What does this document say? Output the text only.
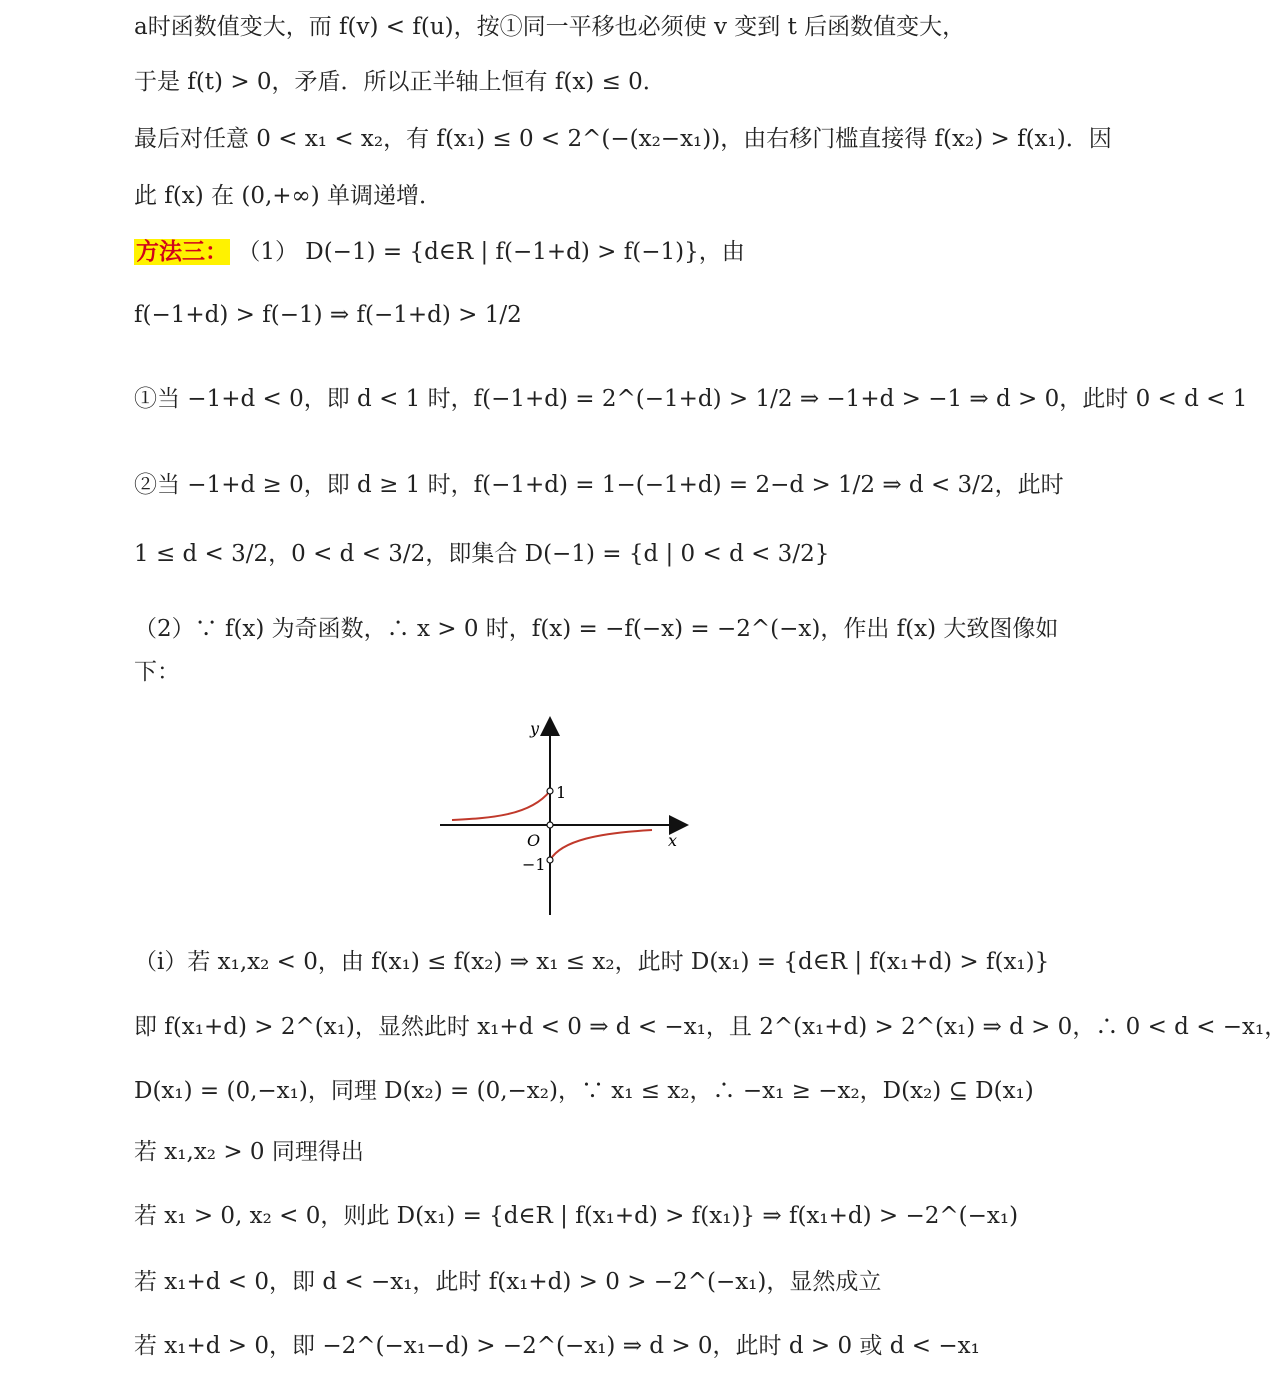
a时函数值变大，而 f(v) < f(u)，按①同一平移也必须使 v 变到 t 后函数值变大，
于是 f(t) > 0，矛盾．所以正半轴上恒有 f(x) ≤ 0．
最后对任意 0 < x₁ < x₂，有 f(x₁) ≤ 0 < 2^(−(x₂−x₁))，由右移门槛直接得 f(x₂) > f(x₁)．因
此 f(x) 在 (0,+∞) 单调递增．
方法三： （1） D(−1) = {d∈R | f(−1+d) > f(−1)}，由
f(−1+d) > f(−1) ⇒ f(−1+d) > 1/2
①当 −1+d < 0，即 d < 1 时，f(−1+d) = 2^(−1+d) > 1/2 ⇒ −1+d > −1 ⇒ d > 0，此时 0 < d < 1
②当 −1+d ≥ 0，即 d ≥ 1 时，f(−1+d) = 1−(−1+d) = 2−d > 1/2 ⇒ d < 3/2，此时
1 ≤ d < 3/2，0 < d < 3/2，即集合 D(−1) = {d | 0 < d < 3/2}
（2）∵ f(x) 为奇函数，∴ x > 0 时，f(x) = −f(−x) = −2^(−x)，作出 f(x) 大致图像如
下：
y
x
O
1
−1
（i）若 x₁,x₂ < 0，由 f(x₁) ≤ f(x₂) ⇒ x₁ ≤ x₂，此时 D(x₁) = {d∈R | f(x₁+d) > f(x₁)}
即 f(x₁+d) > 2^(x₁)，显然此时 x₁+d < 0 ⇒ d < −x₁，且 2^(x₁+d) > 2^(x₁) ⇒ d > 0，∴ 0 < d < −x₁，
D(x₁) = (0,−x₁)，同理 D(x₂) = (0,−x₂)，∵ x₁ ≤ x₂，∴ −x₁ ≥ −x₂，D(x₂) ⊆ D(x₁)
若 x₁,x₂ > 0 同理得出
若 x₁ > 0, x₂ < 0，则此 D(x₁) = {d∈R | f(x₁+d) > f(x₁)} ⇒ f(x₁+d) > −2^(−x₁)
若 x₁+d < 0，即 d < −x₁，此时 f(x₁+d) > 0 > −2^(−x₁)，显然成立
若 x₁+d > 0，即 −2^(−x₁−d) > −2^(−x₁) ⇒ d > 0，此时 d > 0 或 d < −x₁
